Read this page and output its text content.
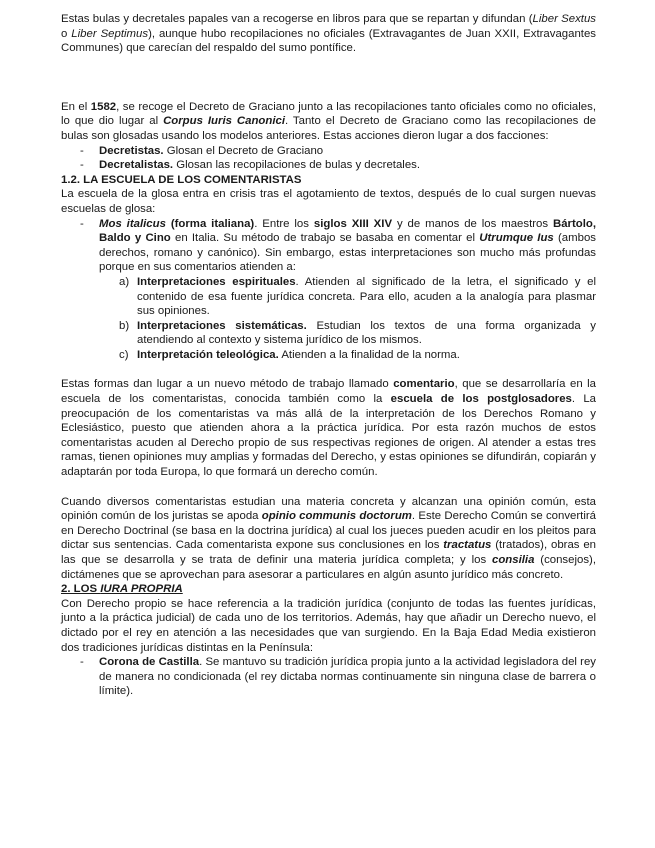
Estas bulas y decretales papales van a recogerse en libros para que se repartan y difundan (Liber Sextus o Liber Septimus), aunque hubo recopilaciones no oficiales (Extravagantes de Juan XXII, Extravagantes Communes) que carecían del respaldo del sumo pontífice.

En el 1582, se recoge el Decreto de Graciano junto a las recopilaciones tanto oficiales como no oficiales, lo que dio lugar al Corpus Iuris Canonici. Tanto el Decreto de Graciano como las recopilaciones de bulas son glosadas usando los modelos anteriores. Estas acciones dieron lugar a dos facciones:

- Decretistas. Glosan el Decreto de Graciano
- Decretalistas. Glosan las recopilaciones de bulas y decretales.

1.2. LA ESCUELA DE LOS COMENTARISTAS

La escuela de la glosa entra en crisis tras el agotamiento de textos, después de lo cual surgen nuevas escuelas de glosa:

- Mos italicus (forma italiana). Entre los siglos XIII XIV y de manos de los maestros Bártolo, Baldo y Cino en Italia. Su método de trabajo se basaba en comentar el Utrumque Ius (ambos derechos, romano y canónico). Sin embargo, estas interpretaciones son mucho más profundas porque en sus comentarios atienden a:
a) Interpretaciones espirituales. Atienden al significado de la letra, el significado y el contenido de esa fuente jurídica concreta. Para ello, acuden a la analogía para plasmar sus opiniones.
b) Interpretaciones sistemáticas. Estudian los textos de una forma organizada y atendiendo al contexto y sistema jurídico de los mismos.
c) Interpretación teleológica. Atienden a la finalidad de la norma.

Estas formas dan lugar a un nuevo método de trabajo llamado comentario, que se desarrollaría en la escuela de los comentaristas, conocida también como la escuela de los postglosadores. La preocupación de los comentaristas va más allá de la interpretación de los Derechos Romano y Eclesiástico, puesto que atienden ahora a la práctica jurídica. Por esta razón muchos de estos comentaristas acuden al Derecho propio de sus respectivas regiones de origen. Al atender a estas tres ramas, tienen opiniones muy amplias y formadas del Derecho, y estas opiniones se difundirán, copiarán y adaptarán por toda Europa, lo que formará un derecho común.

Cuando diversos comentaristas estudian una materia concreta y alcanzan una opinión común, esta opinión común de los juristas se apoda opinio communis doctorum. Este Derecho Común se convertirá en Derecho Doctrinal (se basa en la doctrina jurídica) al cual los jueces pueden acudir en los pleitos para dictar sus sentencias. Cada comentarista expone sus conclusiones en los tractatus (tratados), obras en las que se desarrolla y se trata de definir una materia jurídica completa; y los consilia (consejos), dictámenes que se aprovechan para asesorar a particulares en algún asunto jurídico más concreto.

2. LOS IURA PROPRIA

Con Derecho propio se hace referencia a la tradición jurídica (conjunto de todas las fuentes jurídicas, junto a la práctica judicial) de cada uno de los territorios. Además, hay que añadir un Derecho nuevo, el dictado por el rey en atención a las necesidades que van surgiendo. En la Baja Edad Media existieron dos tradiciones jurídicas distintas en la Península:

- Corona de Castilla. Se mantuvo su tradición jurídica propia junto a la actividad legisladora del rey de manera no condicionada (el rey dictaba normas continuamente sin ninguna clase de barrera o límite).
